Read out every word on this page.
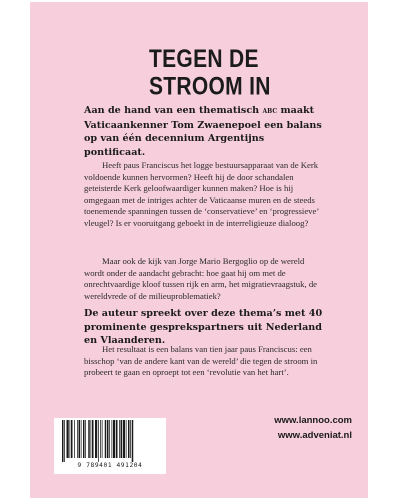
TEGEN DE
STROOM IN

Aan de hand van een thematisch abc maakt Vaticaankenner Tom Zwaenepoel een balans op van één decennium Argentijns pontificaat.

Heeft paus Franciscus het logge bestuursapparaat van de Kerk voldoende kunnen hervormen? Heeft hij de door schandalen geteisterde Kerk geloofwaardiger kunnen maken? Hoe is hij omgegaan met de intriges achter de Vaticaanse muren en de steeds toenemende spanningen tussen de ‘conservatieve’ en ‘progressieve’ vleugel? Is er vooruitgang geboekt in de interreligieuze dialoog?

Maar ook de kijk van Jorge Mario Bergoglio op de wereld wordt onder de aandacht gebracht: hoe gaat hij om met de onrechtvaardige kloof tussen rijk en arm, het migratievraagstuk, de wereldvrede of de milieuproblematiek?

De auteur spreekt over deze thema’s met 40 prominente gesprekspartners uit Nederland en Vlaanderen.

Het resultaat is een balans van tien jaar paus Franciscus: een bisschop ‘van de andere kant van de wereld’ die tegen de stroom in probeert te gaan en oproept tot een ‘revolutie van het hart’.

www.lannoo.com
www.adveniat.nl
9 789401 491204
